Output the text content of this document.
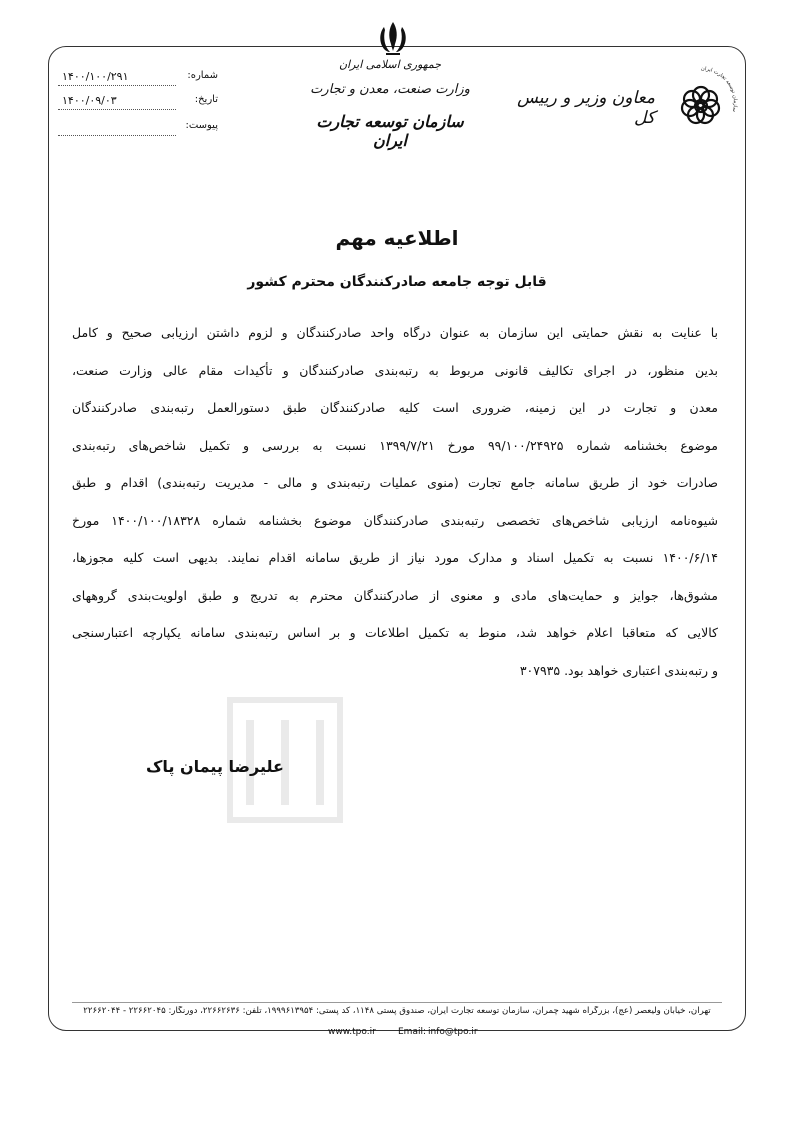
جمهوری اسلامی ایران
وزارت صنعت، معدن و تجارت
سازمان توسعه تجارت ایران
سازمان توسعه تجارت ایران
معاون وزیر و رییس کل
شماره:
۱۴۰۰/۱۰۰/۲۹۱
تاریخ:
۱۴۰۰/۰۹/۰۳
پیوست:
اطلاعیه مهم
قابل توجه جامعه صادرکنندگان محترم کشور
با عنایت به نقش حمایتی این سازمان به عنوان درگاه واحد صادرکنندگان و لزوم داشتن ارزیابی صحیح و کامل
بدین منظور، در اجرای تکالیف قانونی مربوط به رتبه‌بندی صادرکنندگان و تأکیدات مقام عالی وزارت صنعت،
معدن و تجارت در این زمینه، ضروری است کلیه صادرکنندگان طبق دستورالعمل رتبه‌بندی صادرکنندگان
موضوع بخشنامه شماره ۹۹/۱۰۰/۲۴۹۲۵ مورخ ۱۳۹۹/۷/۲۱ نسبت به بررسی و تکمیل شاخص‌های رتبه‌بندی
صادرات خود از طریق سامانه جامع تجارت (منوی عملیات رتبه‌بندی و مالی - مدیریت رتبه‌بندی) اقدام و طبق
شیوه‌نامه ارزیابی شاخص‌های تخصصی رتبه‌بندی صادرکنندگان موضوع بخشنامه شماره ۱۴۰۰/۱۰۰/۱۸۳۲۸ مورخ
۱۴۰۰/۶/۱۴ نسبت به تکمیل اسناد و مدارک مورد نیاز از طریق سامانه اقدام نمایند. بدیهی است کلیه مجوزها،
مشوق‌ها، جوایز و حمایت‌های مادی و معنوی از صادرکنندگان محترم به تدریج و طبق اولویت‌بندی گروههای
کالایی که متعاقبا اعلام خواهد شد، منوط به تکمیل اطلاعات و بر اساس رتبه‌بندی سامانه یکپارچه اعتبارسنجی
و رتبه‌بندی اعتباری خواهد بود. ۳۰۷۹۳۵
علیرضا پیمان پاک
تهران، خیابان ولیعصر (عج)، بزرگراه شهید چمران، سازمان توسعه تجارت ایران، صندوق پستی ۱۱۴۸، کد پستی: ۱۹۹۹۶۱۳۹۵۴، تلفن: ۲۲۶۶۲۶۳۶، دورنگار: ۲۲۶۶۲۰۴۵ - ۲۲۶۶۲۰۴۴
www.tpo.ir Email: info@tpo.ir
